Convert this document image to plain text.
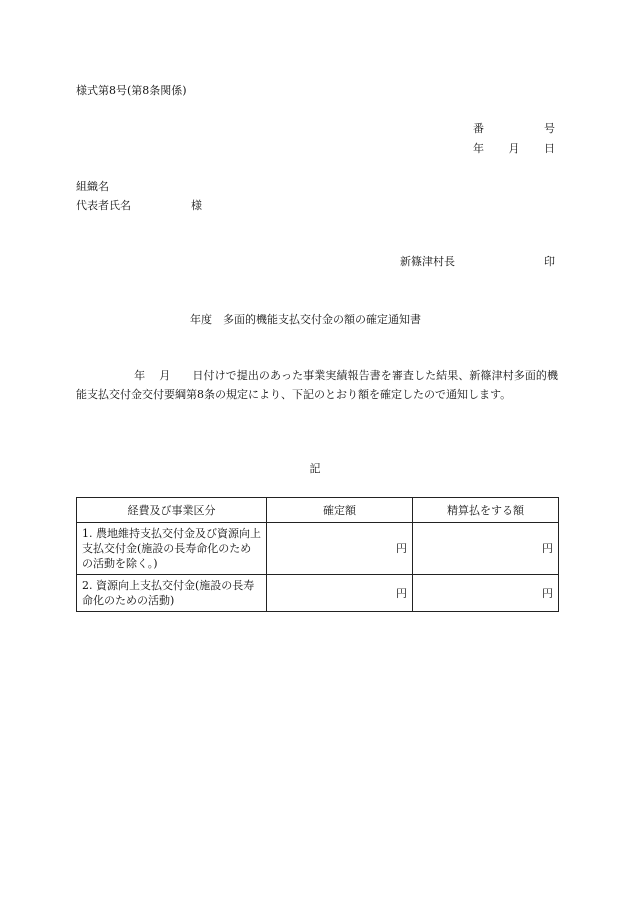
様式第8号(第8条関係)
番	号
年 月 日
組織名
代表者氏名	様
新篠津村長	印
年度　多面的機能支払交付金の額の確定通知書
年 月 日付けで提出のあった事業実績報告書を審査した結果、新篠津村多面的機能支払交付金交付要綱第8条の規定により、下記のとおり額を確定したので通知します。
記
経費及び事業区分	確定額	精算払をする額
1. 農地維持支払交付金及び資源向上支払交付金(施設の長寿命化のための活動を除く。)	円	円
2. 資源向上支払交付金(施設の長寿命化のための活動)	円	円
